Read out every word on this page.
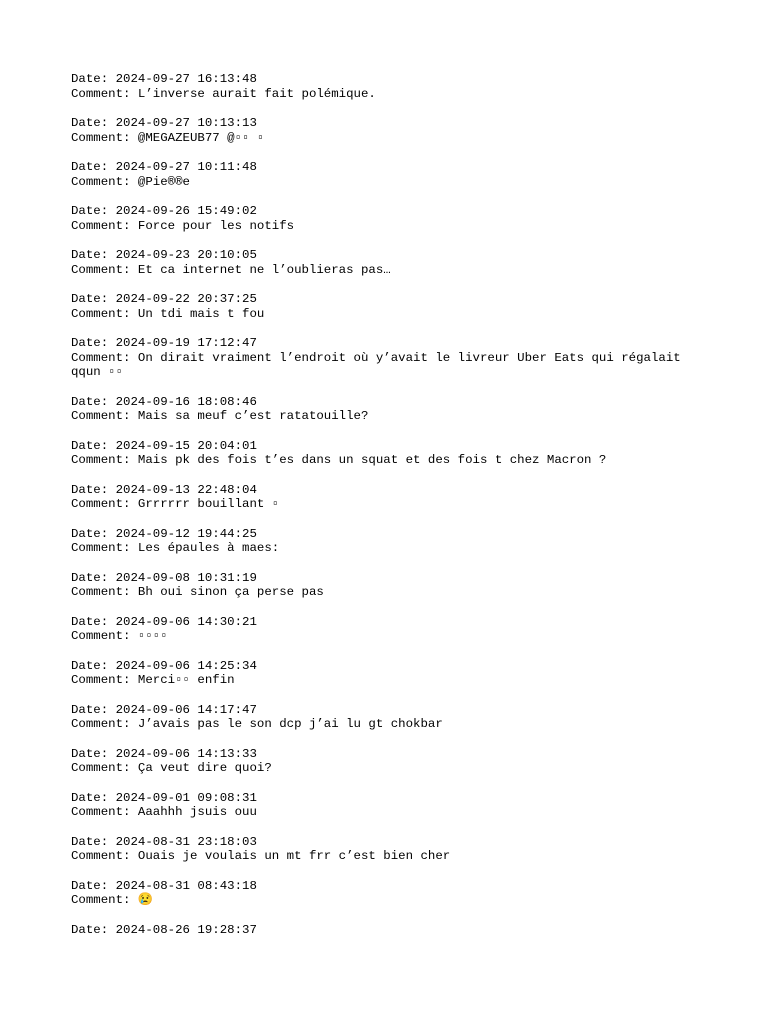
Date: 2024-09-27 16:13:48
Comment: L’inverse aurait fait polémique.
Date: 2024-09-27 10:13:13
Comment: @MEGAZEUB77 @▫▫ ▫
Date: 2024-09-27 10:11:48
Comment: @Pie®®e
Date: 2024-09-26 15:49:02
Comment: Force pour les notifs
Date: 2024-09-23 20:10:05
Comment: Et ca internet ne l’oublieras pas…
Date: 2024-09-22 20:37:25
Comment: Un tdi mais t fou
Date: 2024-09-19 17:12:47
Comment: On dirait vraiment l’endroit où y’avait le livreur Uber Eats qui régalait qqun ▫▫
Date: 2024-09-16 18:08:46
Comment: Mais sa meuf c’est ratatouille?
Date: 2024-09-15 20:04:01
Comment: Mais pk des fois t’es dans un squat et des fois t chez Macron ?
Date: 2024-09-13 22:48:04
Comment: Grrrrrr bouillant ▫
Date: 2024-09-12 19:44:25
Comment: Les épaules à maes:
Date: 2024-09-08 10:31:19
Comment: Bh oui sinon ça perse pas
Date: 2024-09-06 14:30:21
Comment: ▫▫▫▫
Date: 2024-09-06 14:25:34
Comment: Merci▫▫ enfin
Date: 2024-09-06 14:17:47
Comment: J’avais pas le son dcp j’ai lu gt chokbar
Date: 2024-09-06 14:13:33
Comment: Ça veut dire quoi?
Date: 2024-09-01 09:08:31
Comment: Aaahhh jsuis ouu
Date: 2024-08-31 23:18:03
Comment: Ouais je voulais un mt frr c’est bien cher
Date: 2024-08-31 08:43:18
Comment: 😢
Date: 2024-08-26 19:28:37
